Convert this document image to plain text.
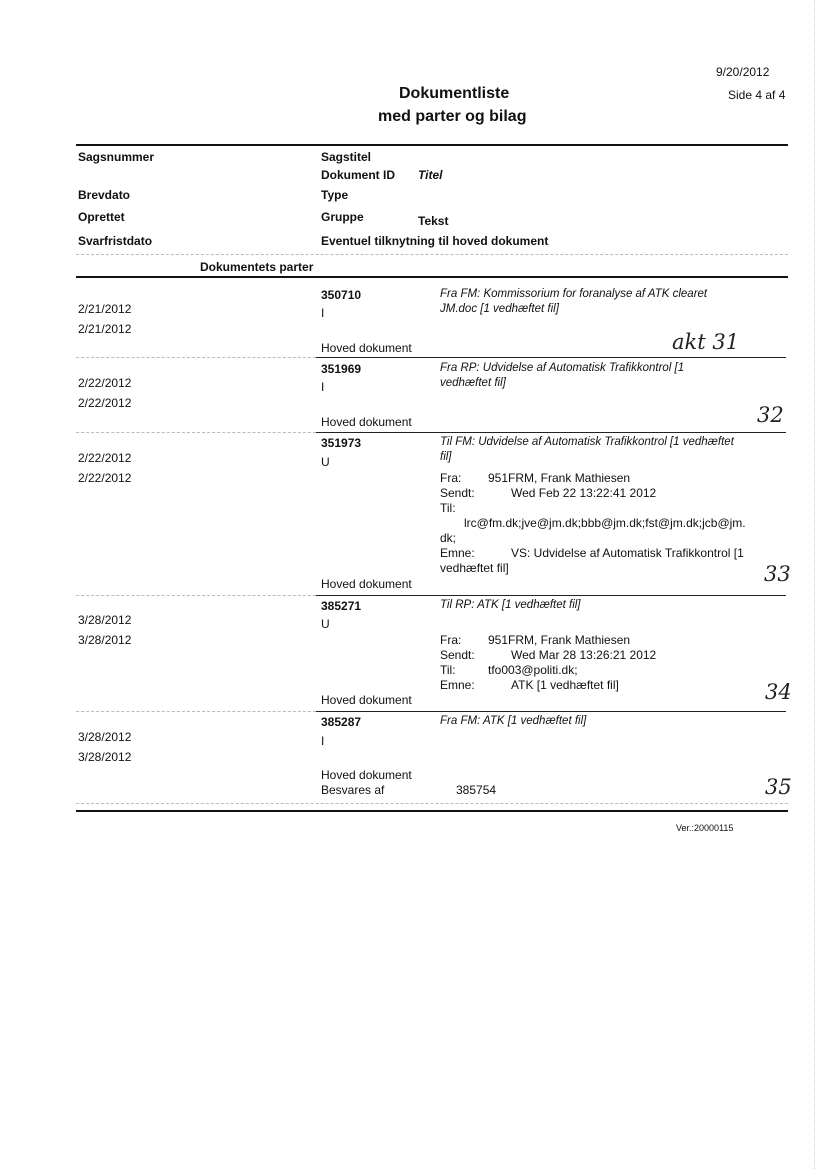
9/20/2012
Side 4 af 4
Dokumentliste
med parter og bilag
Sagsnummer	Sagstitel
Dokument ID Titel
Brevdato	Type
Oprettet	Gruppe	Tekst
Svarfristdato	Eventuel tilknytning til hoved dokument
Dokumentets parter
350710	Fra FM: Kommissorium for foranalyse af ATK clearet
JM.doc [1 vedhæftet fil]
2/21/2012	I
2/21/2012
Hoved dokument	akt 31
351969	Fra RP: Udvidelse af Automatisk Trafikkontrol [1
vedhæftet fil]
2/22/2012	I
2/22/2012
Hoved dokument	32
351973	Til FM: Udvidelse af Automatisk Trafikkontrol [1 vedhæftet
fil]
2/22/2012	U
2/22/2012	Fra: 951FRM, Frank Mathiesen
Sendt:	Wed Feb 22 13:22:41 2012
Til:
lrc@fm.dk;jve@jm.dk;bbb@jm.dk;fst@jm.dk;jcb@jm.
dk;
Emne:	VS: Udvidelse af Automatisk Trafikkontrol [1
vedhæftet fil]
Hoved dokument	33
385271	Til RP: ATK [1 vedhæftet fil]
3/28/2012	U
3/28/2012	Fra: 951FRM, Frank Mathiesen
Sendt:	Wed Mar 28 13:26:21 2012
Til:	tfo003@politi.dk;
Emne:	ATK [1 vedhæftet fil]
Hoved dokument	34
385287	Fra FM: ATK [1 vedhæftet fil]
3/28/2012	I
3/28/2012
Hoved dokument
Besvares af	385754	35
Ver.:20000115
